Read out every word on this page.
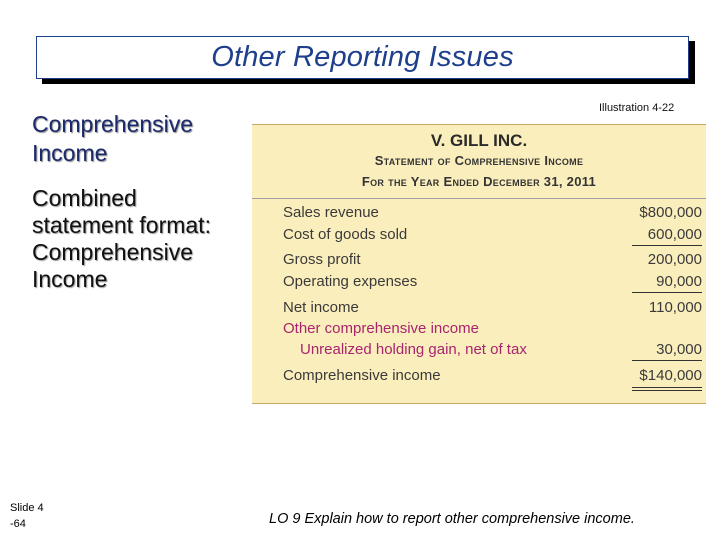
Other Reporting Issues
Comprehensive
Income
Combined
statement format:
Comprehensive
Income
Illustration 4-22
V. GILL INC.
Statement of Comprehensive Income
For the Year Ended December 31, 2011
Sales revenue	$800,000
Cost of goods sold	600,000
Gross profit	200,000
Operating expenses	90,000
Net income	110,000
Other comprehensive income
Unrealized holding gain, net of tax	30,000
Comprehensive income	$140,000
Slide 4
-64	LO 9 Explain how to report other comprehensive income.
